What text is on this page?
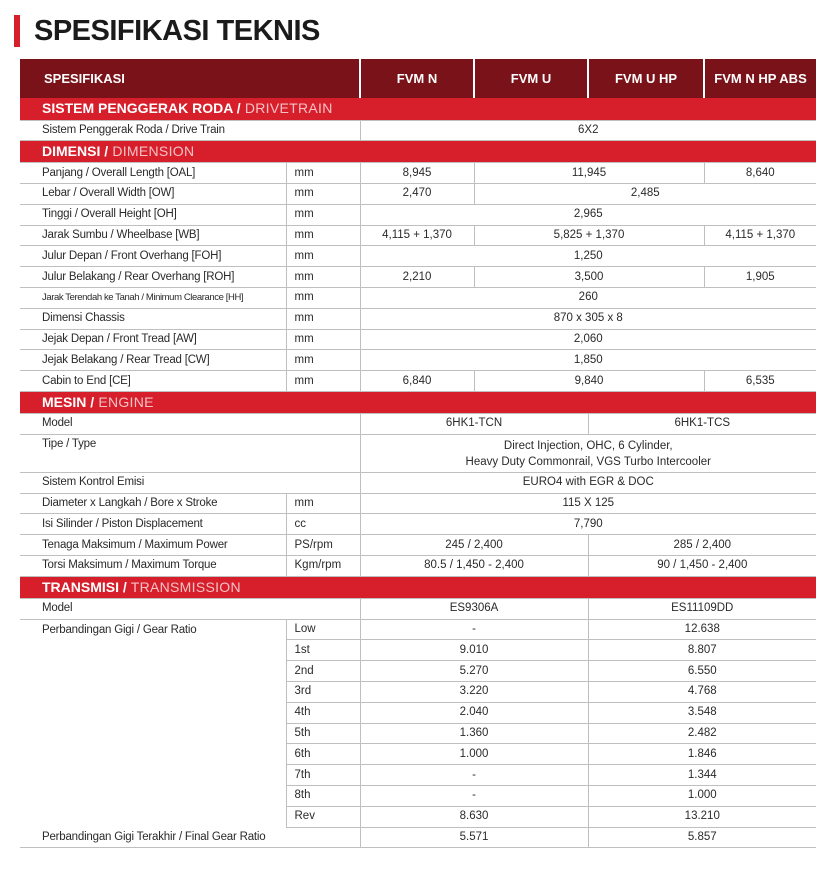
SPESIFIKASI TEKNIS
SPESIFIKASI		FVM N	FVM U	FVM U HP	FVM N HP ABS
SISTEM PENGGERAK RODA / DRIVETRAIN					
Sistem Penggerak Roda / Drive Train		6X2			
DIMENSI / DIMENSION					
Panjang / Overall Length [OAL]	mm	8,945	11,945		8,640
Lebar / Overall Width [OW]	mm	2,470	2,485		
Tinggi / Overall Height [OH]	mm	2,965			
Jarak Sumbu / Wheelbase [WB]	mm	4,115 + 1,370	5,825 + 1,370		4,115 + 1,370
Julur Depan / Front Overhang [FOH]	mm	1,250			
Julur Belakang / Rear Overhang [ROH]	mm	2,210	3,500		1,905
Jarak Terendah ke Tanah / Minimum Clearance [HH]	mm	260			
Dimensi Chassis	mm	870 x 305 x 8			
Jejak Depan / Front Tread [AW]	mm	2,060			
Jejak Belakang / Rear Tread [CW]	mm	1,850			
Cabin to End [CE]	mm	6,840	9,840		6,535
MESIN / ENGINE					
Model		6HK1-TCN		6HK1-TCS	
Tipe / Type		Direct Injection, OHC, 6 Cylinder,
Heavy Duty Commonrail, VGS Turbo Intercooler			

Sistem Kontrol Emisi		EURO4 with EGR & DOC			
Diameter x Langkah / Bore x Stroke	mm	115 X 125			
Isi Silinder / Piston Displacement	cc	7,790			
Tenaga Maksimum / Maximum Power	PS/rpm	245 / 2,400		285 / 2,400	
Torsi Maksimum / Maximum Torque	Kgm/rpm	80.5 / 1,450 - 2,400		90 / 1,450 - 2,400	
TRANSMISI / TRANSMISSION					
Model		ES9306A		ES11109DD	
Perbandingan Gigi / Gear Ratio	Low	-		12.638	
	1st	9.010		8.807	
	2nd	5.270		6.550	
	3rd	3.220		4.768	
	4th	2.040		3.548	
	5th	1.360		2.482	
	6th	1.000		1.846	
	7th	-		1.344	
	8th	-		1.000	
	Rev	8.630		13.210	
Perbandingan Gigi Terakhir / Final Gear Ratio		5.571		5.857	
